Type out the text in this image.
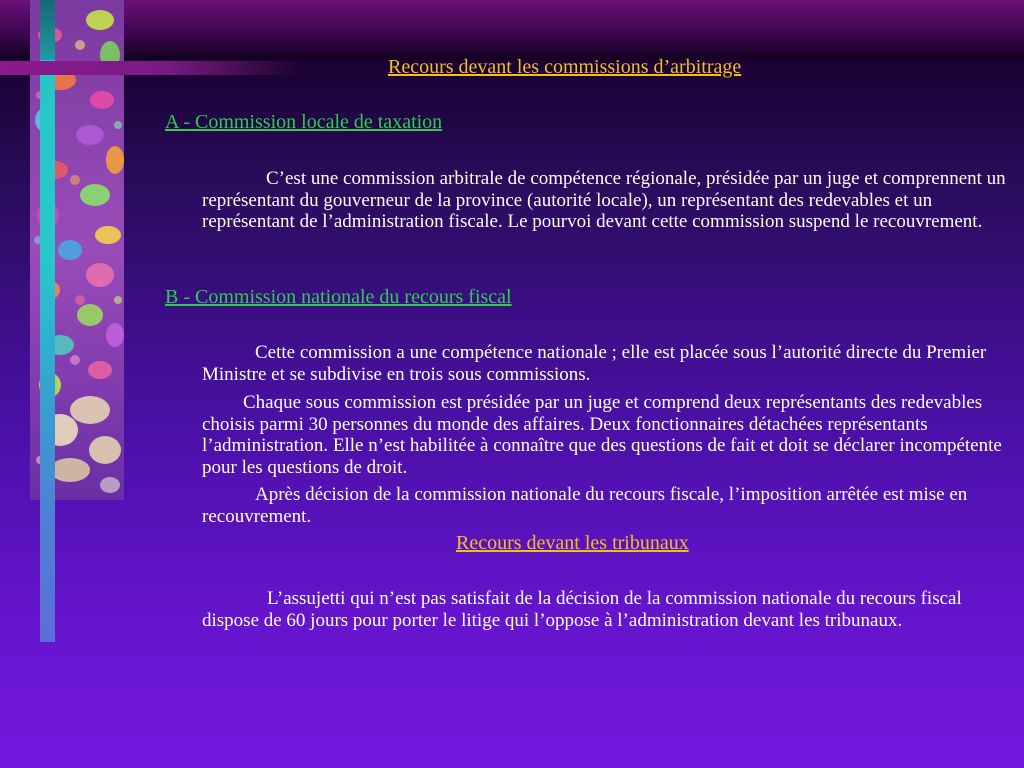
Recours devant les commissions d’arbitrage
A - Commission locale de taxation
C’est une commission arbitrale de compétence régionale, présidée par un juge et comprennent un représentant du gouverneur de la province (autorité locale), un représentant des redevables et un représentant de l’administration fiscale. Le pourvoi devant cette commission suspend le recouvrement.
B - Commission nationale du recours fiscal
Cette commission a une compétence nationale ; elle est placée sous l’autorité directe du Premier Ministre et se subdivise en trois sous commissions.
Chaque sous commission est présidée par un juge et comprend deux représentants des redevables choisis parmi 30 personnes du monde des affaires. Deux fonctionnaires détachées représentants l’administration. Elle n’est habilitée à connaître que des questions de fait et doit se déclarer incompétente pour les questions de droit.
Après décision de la commission nationale du recours fiscale, l’imposition arrêtée est mise en recouvrement.
Recours devant les tribunaux
L’assujetti qui n’est pas satisfait de la décision de la commission nationale du recours fiscal dispose de 60 jours pour porter le litige qui l’oppose à l’administration devant les tribunaux.
